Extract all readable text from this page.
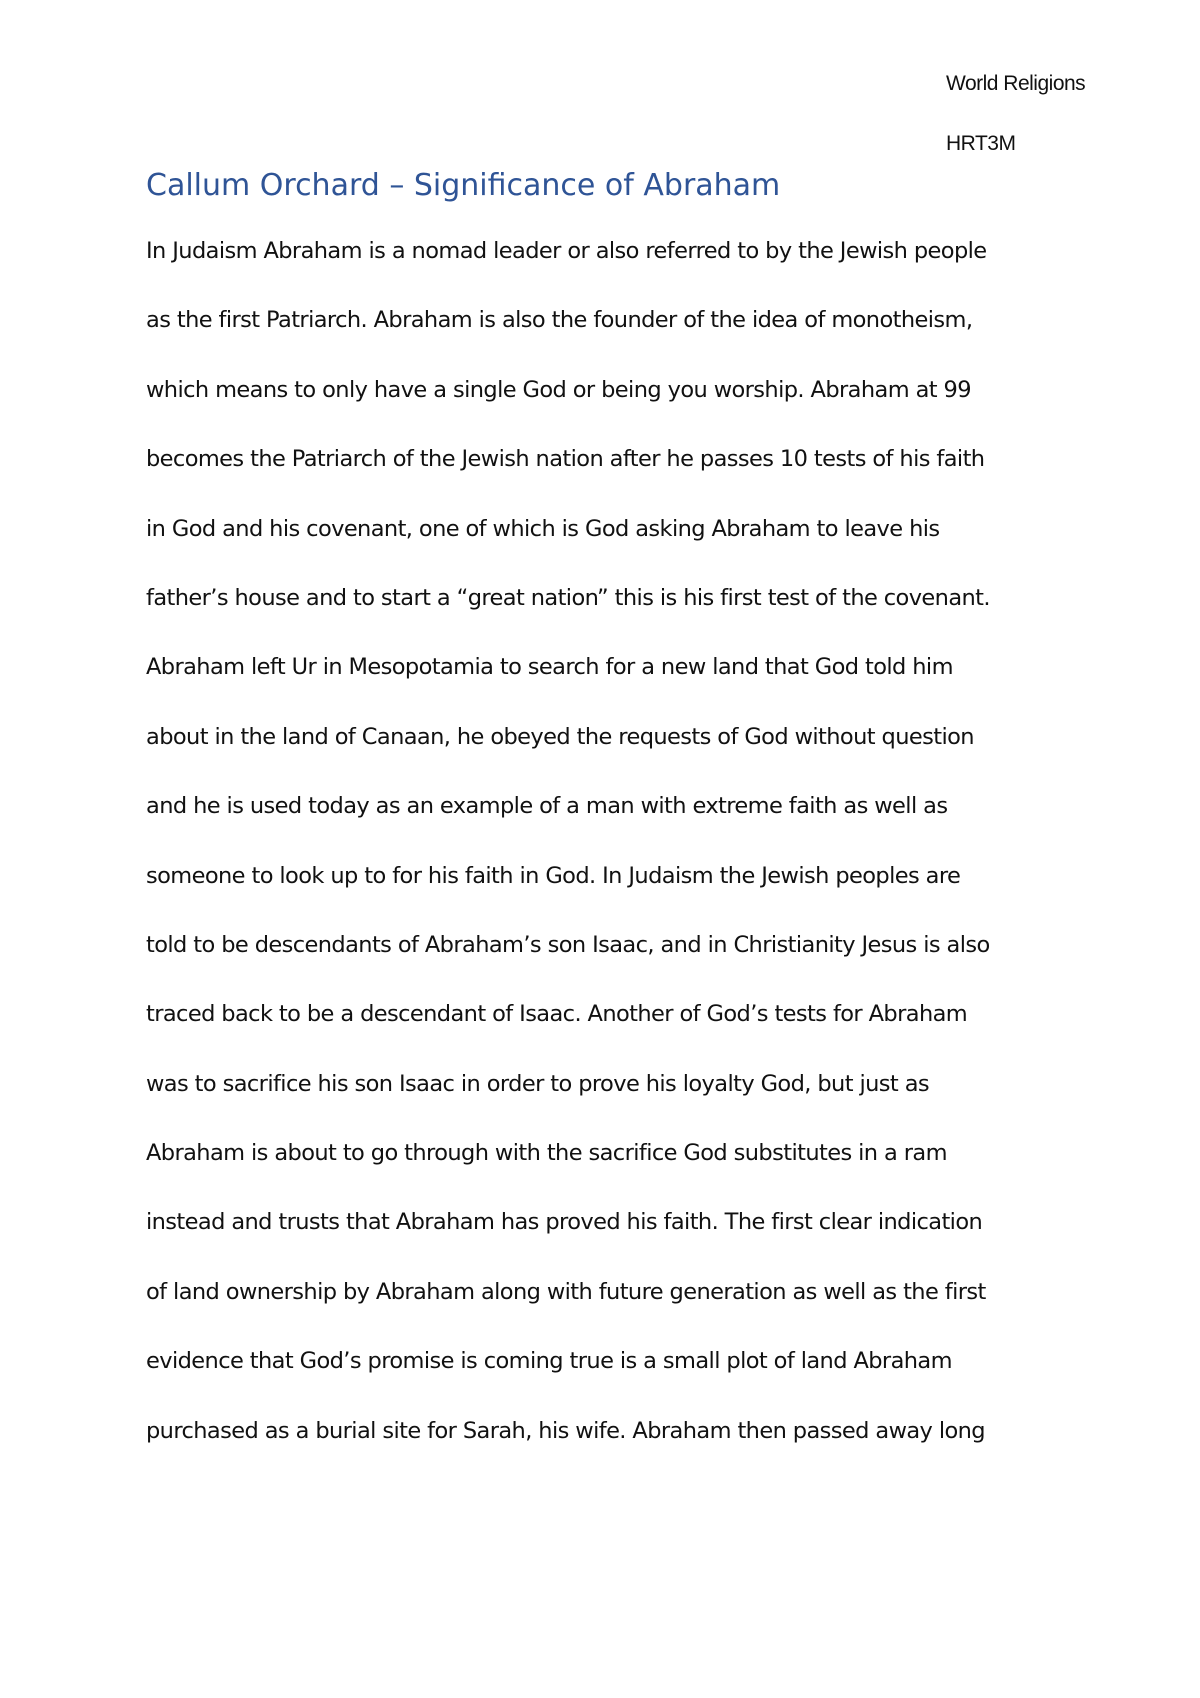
World Religions
HRT3M
Callum Orchard – Significance of Abraham
In Judaism Abraham is a nomad leader or also referred to by the Jewish people
as the first Patriarch. Abraham is also the founder of the idea of monotheism,
which means to only have a single God or being you worship. Abraham at 99
becomes the Patriarch of the Jewish nation after he passes 10 tests of his faith
in God and his covenant, one of which is God asking Abraham to leave his
father’s house and to start a “great nation” this is his first test of the covenant.
Abraham left Ur in Mesopotamia to search for a new land that God told him
about in the land of Canaan, he obeyed the requests of God without question
and he is used today as an example of a man with extreme faith as well as
someone to look up to for his faith in God. In Judaism the Jewish peoples are
told to be descendants of Abraham’s son Isaac, and in Christianity Jesus is also
traced back to be a descendant of Isaac. Another of God’s tests for Abraham
was to sacrifice his son Isaac in order to prove his loyalty God, but just as
Abraham is about to go through with the sacrifice God substitutes in a ram
instead and trusts that Abraham has proved his faith. The first clear indication
of land ownership by Abraham along with future generation as well as the first
evidence that God’s promise is coming true is a small plot of land Abraham
purchased as a burial site for Sarah, his wife. Abraham then passed away long
